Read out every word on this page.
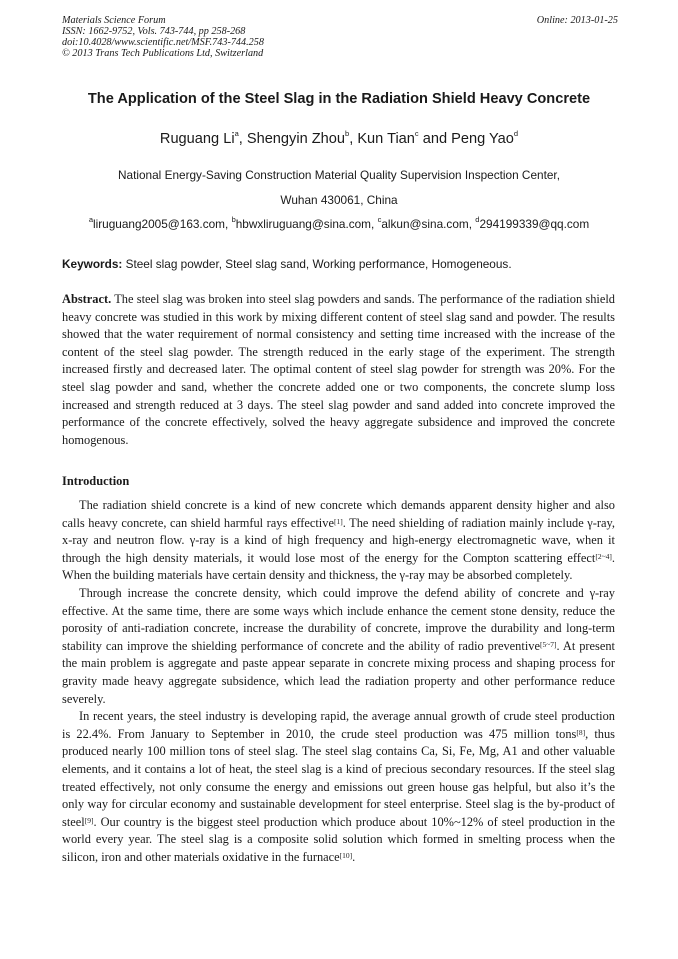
Materials Science Forum
ISSN: 1662-9752, Vols. 743-744, pp 258-268
doi:10.4028/www.scientific.net/MSF.743-744.258
© 2013 Trans Tech Publications Ltd, Switzerland
Online: 2013-01-25
The Application of the Steel Slag in the Radiation Shield Heavy Concrete
Ruguang Li$^a$, Shengyin Zhou$^b$, Kun Tian$^c$ and Peng Yao$^d$
National Energy-Saving Construction Material Quality Supervision Inspection Center,
Wuhan 430061, China
$^a$liruguang2005@163.com, $^b$hbwxliruguang@sina.com, $^c$alkun@sina.com, $^d$294199339@qq.com
Keywords: Steel slag powder, Steel slag sand, Working performance, Homogeneous.

Abstract. The steel slag was broken into steel slag powders and sands. The performance of the radiation shield heavy concrete was studied in this work by mixing different content of steel slag sand and powder. The results showed that the water requirement of normal consistency and setting time increased with the increase of the content of the steel slag powder. The strength reduced in the early stage of the experiment. The strength increased firstly and decreased later. The optimal content of steel slag powder for strength was 20%. For the steel slag powder and sand, whether the concrete added one or two components, the concrete slump loss increased and strength reduced at 3 days. The steel slag powder and sand added into concrete improved the performance of the concrete effectively, solved the heavy aggregate subsidence and improved the concrete homogenous.

Introduction

The radiation shield concrete is a kind of new concrete which demands apparent density higher and also calls heavy concrete, can shield harmful rays effective[1]. The need shielding of radiation mainly include γ-ray, x-ray and neutron flow. γ-ray is a kind of high frequency and high-energy electromagnetic wave, when it through the high density materials, it would lose most of the energy for the Compton scattering effect[2~4]. When the building materials have certain density and thickness, the γ-ray may be absorbed completely.

Through increase the concrete density, which could improve the defend ability of concrete and γ-ray effective. At the same time, there are some ways which include enhance the cement stone density, reduce the porosity of anti-radiation concrete, increase the durability of concrete, improve the durability and long-term stability can improve the shielding performance of concrete and the ability of radio preventive[5~7]. At present the main problem is aggregate and paste appear separate in concrete mixing process and shaping process for gravity made heavy aggregate subsidence, which lead the radiation property and other performance reduce severely.

In recent years, the steel industry is developing rapid, the average annual growth of crude steel production is 22.4%. From January to September in 2010, the crude steel production was 475 million tons[8], thus produced nearly 100 million tons of steel slag. The steel slag contains Ca, Si, Fe, Mg, A1 and other valuable elements, and it contains a lot of heat, the steel slag is a kind of precious secondary resources. If the steel slag treated effectively, not only consume the energy and emissions out green house gas helpful, but also it’s the only way for circular economy and sustainable development for steel enterprise. Steel slag is the by-product of steel[9]. Our country is the biggest steel production which produce about 10%~12% of steel production in the world every year. The steel slag is a composite solid solution which formed in smelting process when the silicon, iron and other materials oxidative in the furnace[10].
